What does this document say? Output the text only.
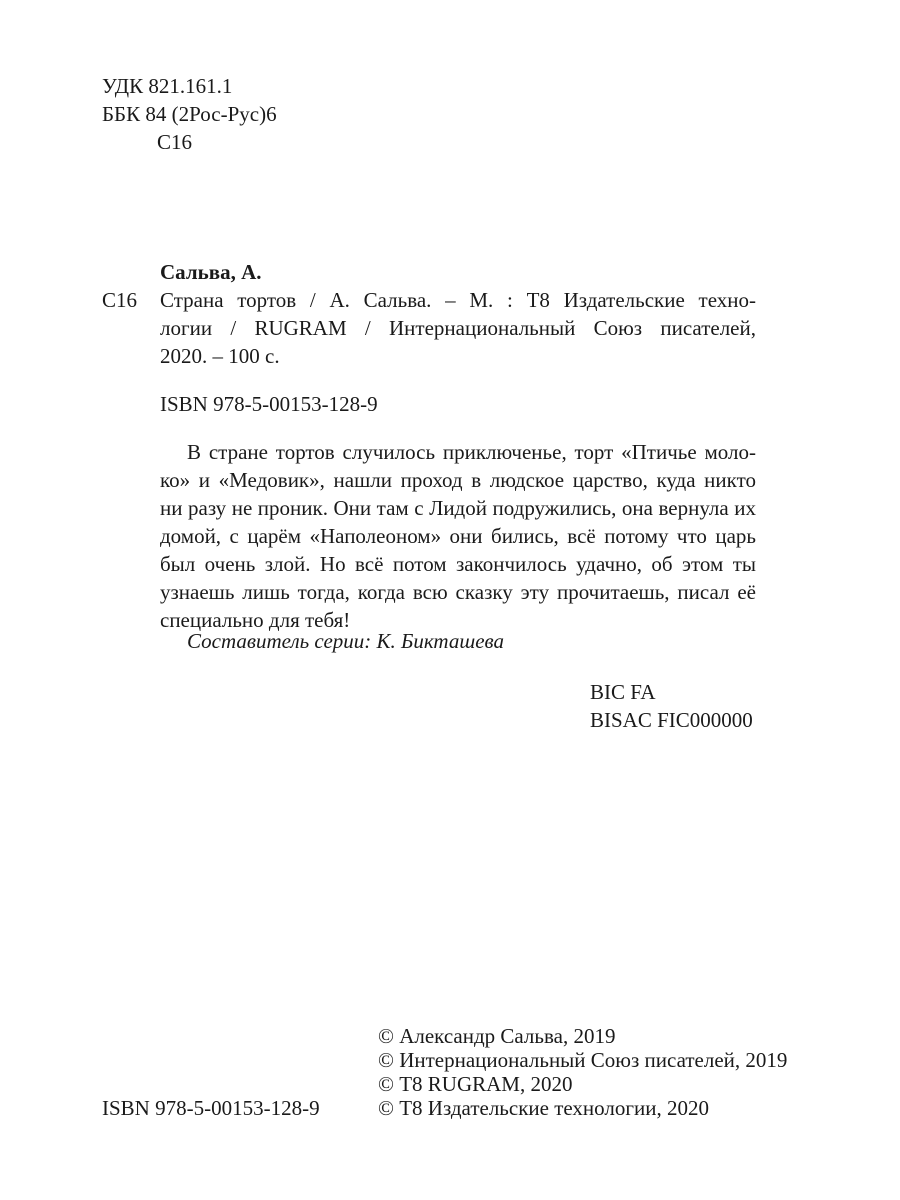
УДК 821.161.1
ББК 84 (2Рос-Рус)6
С16
Сальва, А.
С16 Страна тортов / А. Сальва. – М. : Т8 Издательские техно-
логии / RUGRAM / Интернациональный Союз писателей,
2020. – 100 с.
ISBN 978-5-00153-128-9
В стране тортов случилось приключенье, торт «Птичье моло-
ко» и «Медовик», нашли проход в людское царство, куда никто
ни разу не проник. Они там с Лидой подружились, она вернула их
домой, с царём «Наполеоном» они бились, всё потому что царь
был очень злой. Но всё потом закончилось удачно, об этом ты
узнаешь лишь тогда, когда всю сказку эту прочитаешь, писал её
специально для тебя!
Составитель серии: К. Бикташева
BIC FA
BISAC FIC000000
© Александр Сальва, 2019
© Интернациональный Союз писателей, 2019
© Т8 RUGRAM, 2020
© Т8 Издательские технологии, 2020
ISBN 978-5-00153-128-9
